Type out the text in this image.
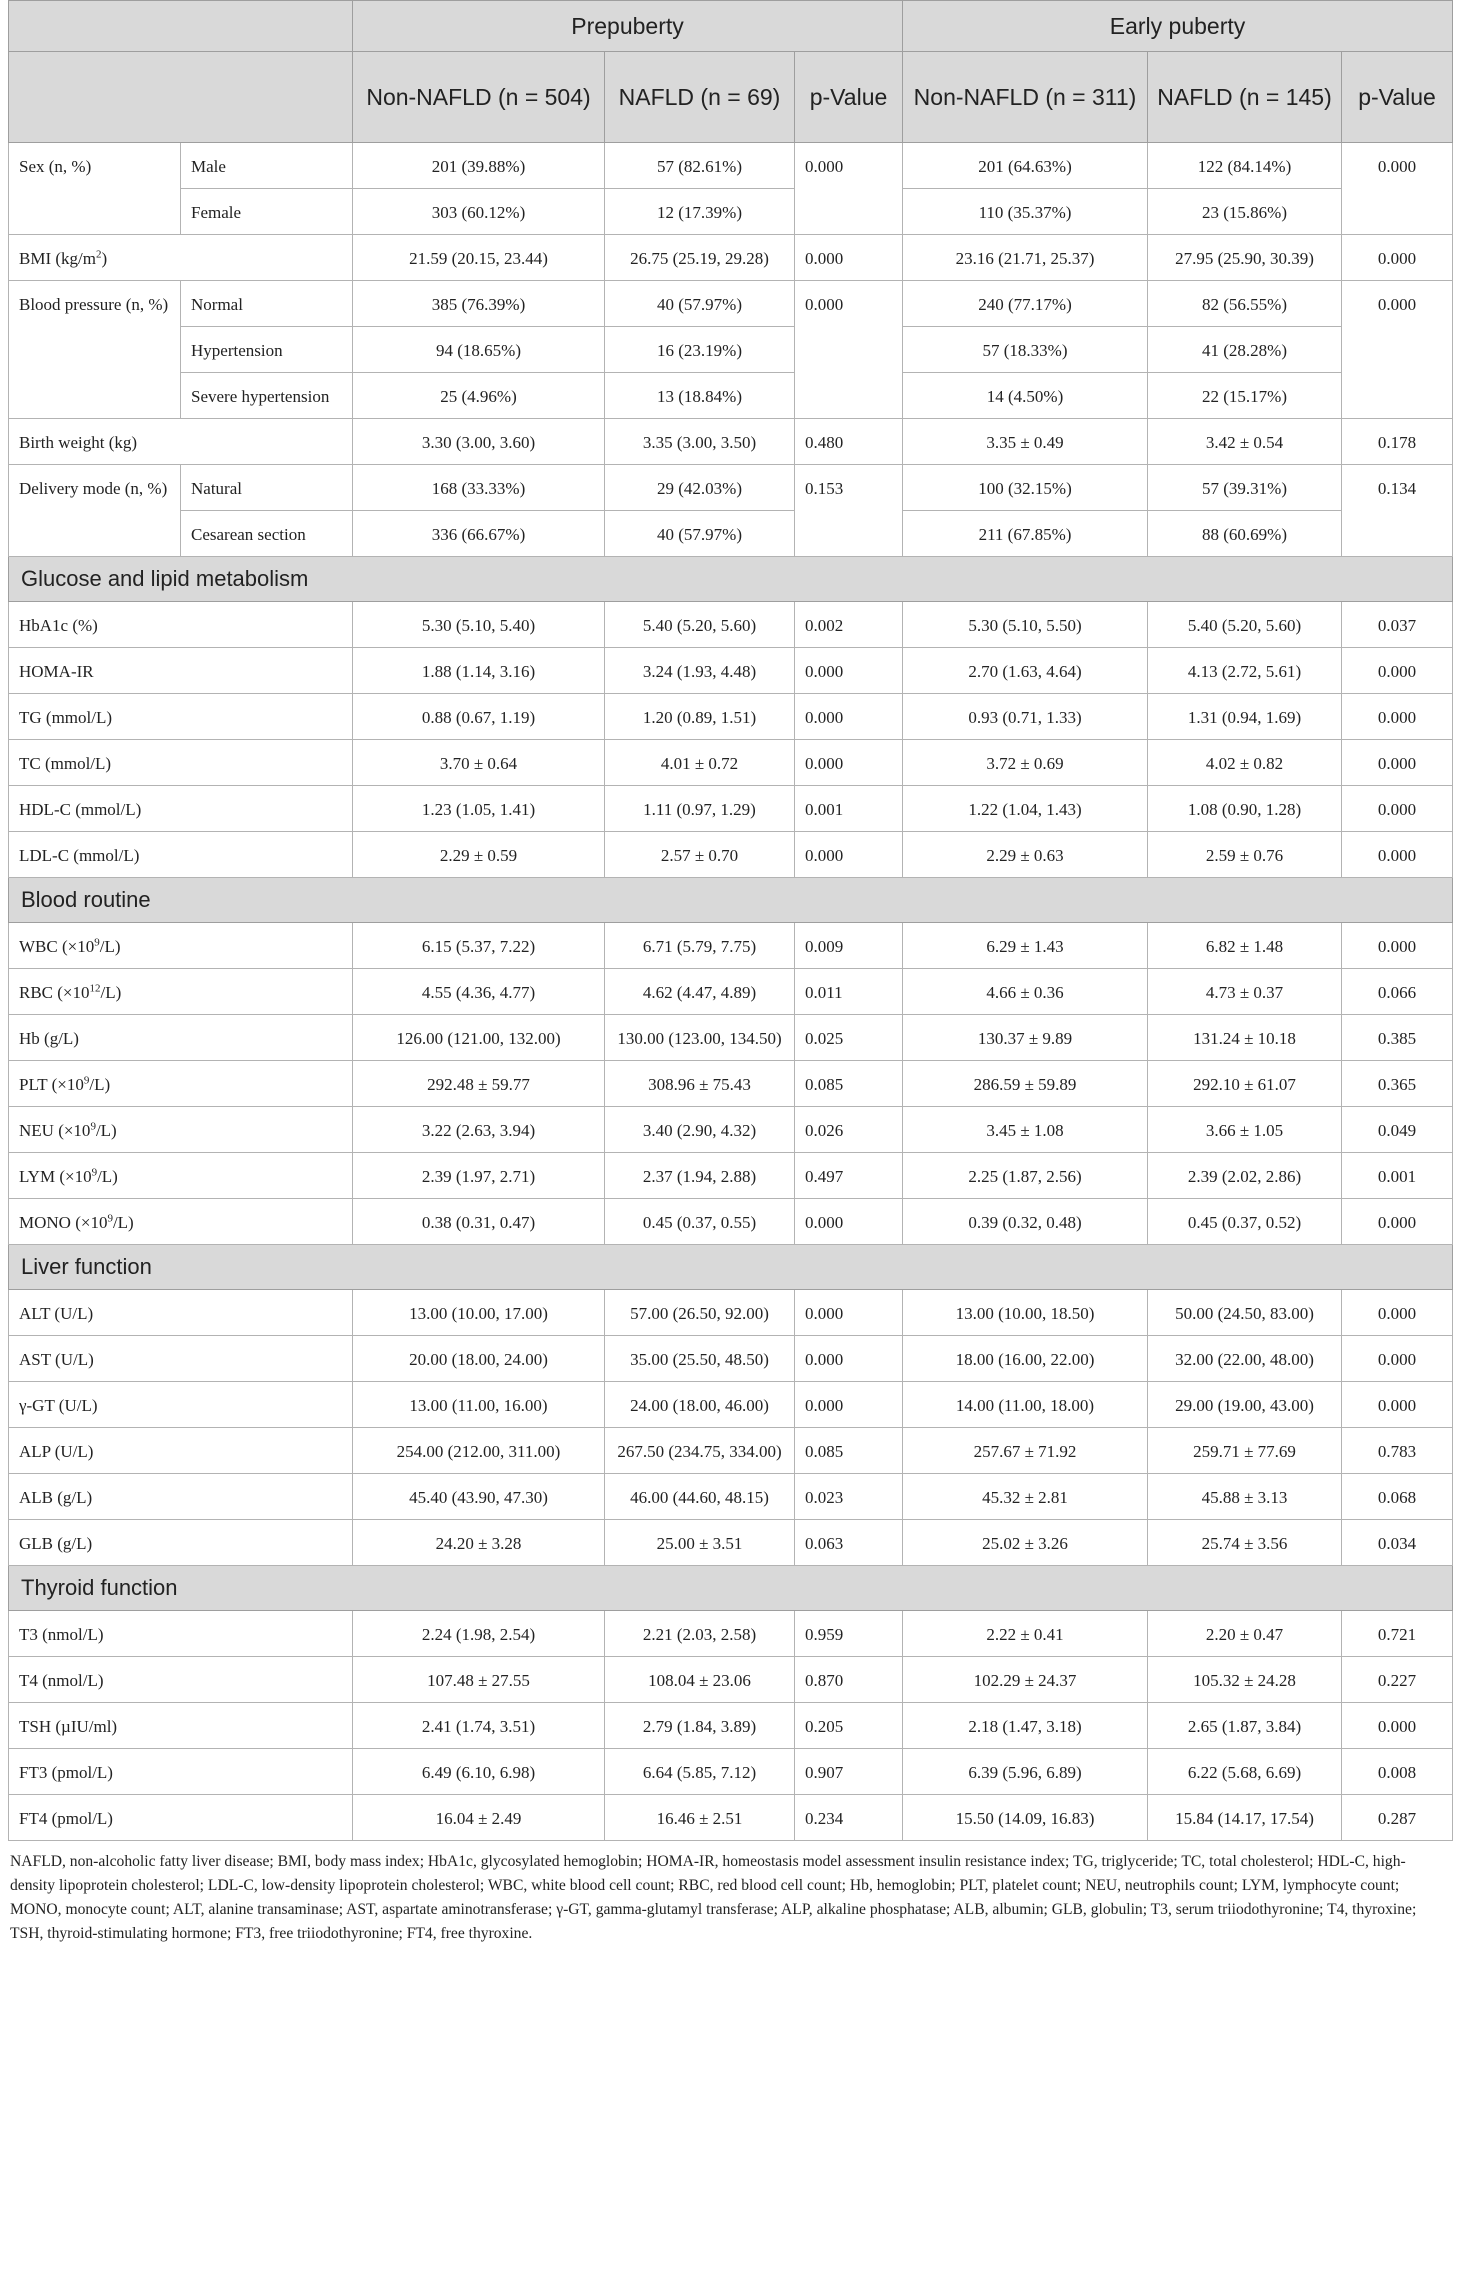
		Prepuberty			Early puberty		
		Non-NAFLD (n = 504)	NAFLD (n = 69)	p-Value	Non-NAFLD (n = 311)	NAFLD (n = 145)	p-Value
Sex (n, %)	Male	201 (39.88%)	57 (82.61%)	0.000	201 (64.63%)	122 (84.14%)	0.000
	Female	303 (60.12%)	12 (17.39%)		110 (35.37%)	23 (15.86%)	
BMI $(kg/m^2)$		21.59 (20.15, 23.44)	26.75 (25.19, 29.28)	0.000	23.16 (21.71, 25.37)	27.95 (25.90, 30.39)	0.000
Blood pressure (n, %)	Normal	385 (76.39%)	40 (57.97%)	0.000	240 (77.17%)	82 (56.55%)	0.000
	Hypertension	94 (18.65%)	16 (23.19%)		57 (18.33%)	41 (28.28%)	
	Severe hypertension	25 (4.96%)	13 (18.84%)		14 (4.50%)	22 (15.17%)	
Birth weight (kg)		3.30 (3.00, 3.60)	3.35 (3.00, 3.50)	0.480	3.35 ± 0.49	3.42 ± 0.54	0.178
Delivery mode (n, %)	Natural	168 (33.33%)	29 (42.03%)	0.153	100 (32.15%)	57 (39.31%)	0.134
	Cesarean section	336 (66.67%)	40 (57.97%)		211 (67.85%)	88 (60.69%)	
Glucose and lipid metabolism							
HbA1c (%)		5.30 (5.10, 5.40)	5.40 (5.20, 5.60)	0.002	5.30 (5.10, 5.50)	5.40 (5.20, 5.60)	0.037
HOMA-IR		1.88 (1.14, 3.16)	3.24 (1.93, 4.48)	0.000	2.70 (1.63, 4.64)	4.13 (2.72, 5.61)	0.000
TG (mmol/L)		0.88 (0.67, 1.19)	1.20 (0.89, 1.51)	0.000	0.93 (0.71, 1.33)	1.31 (0.94, 1.69)	0.000
TC (mmol/L)		3.70 ± 0.64	4.01 ± 0.72	0.000	3.72 ± 0.69	4.02 ± 0.82	0.000
HDL-C (mmol/L)		1.23 (1.05, 1.41)	1.11 (0.97, 1.29)	0.001	1.22 (1.04, 1.43)	1.08 (0.90, 1.28)	0.000
LDL-C (mmol/L)		2.29 ± 0.59	2.57 ± 0.70	0.000	2.29 ± 0.63	2.59 ± 0.76	0.000
Blood routine							
WBC $(\times 10^9/L)$		6.15 (5.37, 7.22)	6.71 (5.79, 7.75)	0.009	6.29 ± 1.43	6.82 ± 1.48	0.000
RBC $(\times 10^{12}/L)$		4.55 (4.36, 4.77)	4.62 (4.47, 4.89)	0.011	4.66 ± 0.36	4.73 ± 0.37	0.066
Hb (g/L)		126.00 (121.00, 132.00)	130.00 (123.00, 134.50)	0.025	130.37 ± 9.89	131.24 ± 10.18	0.385
PLT $(\times 10^9/L)$		292.48 ± 59.77	308.96 ± 75.43	0.085	286.59 ± 59.89	292.10 ± 61.07	0.365
NEU $(\times 10^9/L)$		3.22 (2.63, 3.94)	3.40 (2.90, 4.32)	0.026	3.45 ± 1.08	3.66 ± 1.05	0.049
LYM $(\times 10^9/L)$		2.39 (1.97, 2.71)	2.37 (1.94, 2.88)	0.497	2.25 (1.87, 2.56)	2.39 (2.02, 2.86)	0.001
MONO $(\times 10^9/L)$		0.38 (0.31, 0.47)	0.45 (0.37, 0.55)	0.000	0.39 (0.32, 0.48)	0.45 (0.37, 0.52)	0.000
Liver function							
ALT (U/L)		13.00 (10.00, 17.00)	57.00 (26.50, 92.00)	0.000	13.00 (10.00, 18.50)	50.00 (24.50, 83.00)	0.000
AST (U/L)		20.00 (18.00, 24.00)	35.00 (25.50, 48.50)	0.000	18.00 (16.00, 22.00)	32.00 (22.00, 48.00)	0.000
γ-GT (U/L)		13.00 (11.00, 16.00)	24.00 (18.00, 46.00)	0.000	14.00 (11.00, 18.00)	29.00 (19.00, 43.00)	0.000
ALP (U/L)		254.00 (212.00, 311.00)	267.50 (234.75, 334.00)	0.085	257.67 ± 71.92	259.71 ± 77.69	0.783
ALB (g/L)		45.40 (43.90, 47.30)	46.00 (44.60, 48.15)	0.023	45.32 ± 2.81	45.88 ± 3.13	0.068
GLB (g/L)		24.20 ± 3.28	25.00 ± 3.51	0.063	25.02 ± 3.26	25.74 ± 3.56	0.034
Thyroid function							
T3 (nmol/L)		2.24 (1.98, 2.54)	2.21 (2.03, 2.58)	0.959	2.22 ± 0.41	2.20 ± 0.47	0.721
T4 (nmol/L)		107.48 ± 27.55	108.04 ± 23.06	0.870	102.29 ± 24.37	105.32 ± 24.28	0.227
TSH (µIU/ml)		2.41 (1.74, 3.51)	2.79 (1.84, 3.89)	0.205	2.18 (1.47, 3.18)	2.65 (1.87, 3.84)	0.000
FT3 (pmol/L)		6.49 (6.10, 6.98)	6.64 (5.85, 7.12)	0.907	6.39 (5.96, 6.89)	6.22 (5.68, 6.69)	0.008
FT4 (pmol/L)		16.04 ± 2.49	16.46 ± 2.51	0.234	15.50 (14.09, 16.83)	15.84 (14.17, 17.54)	0.287
NAFLD, non-alcoholic fatty liver disease; BMI, body mass index; HbA1c, glycosylated hemoglobin; HOMA-IR, homeostasis model assessment insulin resistance index; TG, triglyceride; TC, total cholesterol; HDL-C, high-density lipoprotein cholesterol; LDL-C, low-density lipoprotein cholesterol; WBC, white blood cell count; RBC, red blood cell count; Hb, hemoglobin; PLT, platelet count; NEU, neutrophils count; LYM, lymphocyte count; MONO, monocyte count; ALT, alanine transaminase; AST, aspartate aminotransferase; γ-GT, gamma-glutamyl transferase; ALP, alkaline phosphatase; ALB, albumin; GLB, globulin; T3, serum triiodothyronine; T4, thyroxine; TSH, thyroid-stimulating hormone; FT3, free triiodothyronine; FT4, free thyroxine.
